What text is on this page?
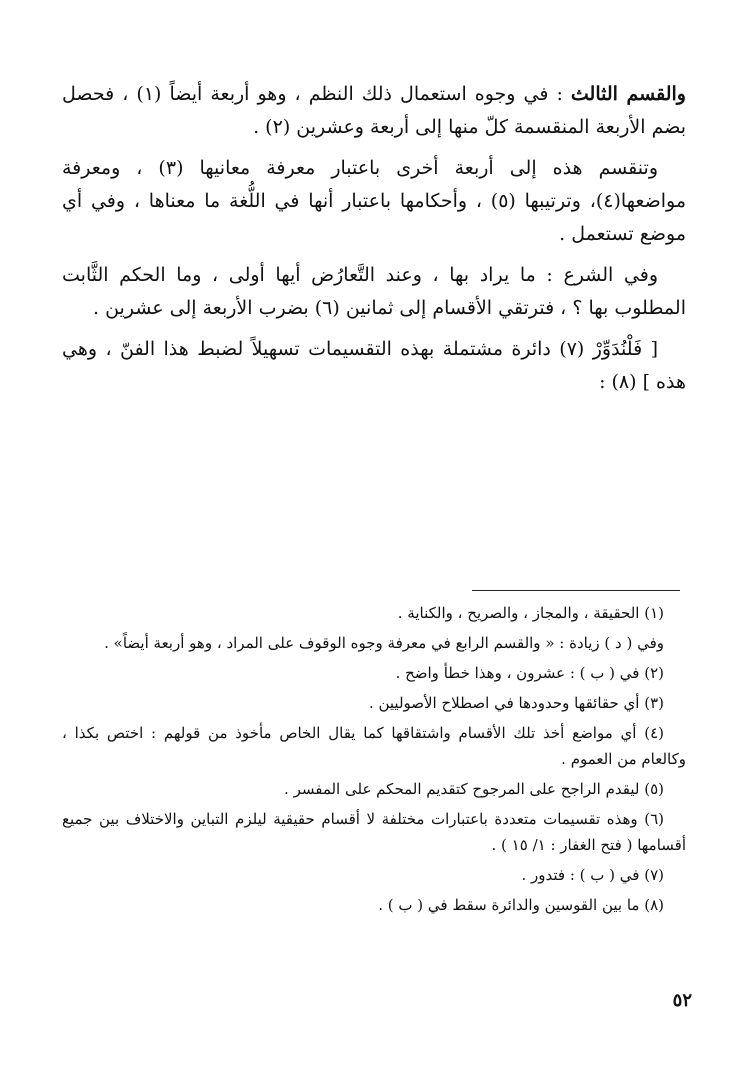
والقسم الثالث : في وجوه استعمال ذلك النظم ، وهو أربعة أيضاً (١) ، فحصل بضم الأربعة المنقسمة كلّ منها إلى أربعة وعشرين (٢) .

وتنقسم هذه إلى أربعة أخرى باعتبار معرفة معانيها (٣) ، ومعرفة مواضعها(٤)، وترتيبها (٥) ، وأحكامها باعتبار أنها في اللُّغة ما معناها ، وفي أي موضع تستعمل .

وفي الشرع : ما يراد بها ، وعند التَّعارُض أيها أولى ، وما الحكم الثَّابت المطلوب بها ؟ ، فترتقي الأقسام إلى ثمانين (٦) بضرب الأربعة إلى عشرين .

[ فَلْنُدَوِّرْ (٧) دائرة مشتملة بهذه التقسيمات تسهيلاً لضبط هذا الفنّ ، وهي هذه ] (٨) :

(١) الحقيقة ، والمجاز ، والصريح ، والكناية .

وفي ( د ) زيادة : « والقسم الرابع في معرفة وجوه الوقوف على المراد ، وهو أربعة أيضاً» .

(٢) في ( ب ) : عشرون ، وهذا خطأ واضح .

(٣) أي حقائقها وحدودها في اصطلاح الأصوليين .

(٤) أي مواضع أخذ تلك الأقسام واشتقاقها كما يقال الخاص مأخوذ من قولهم : اختص بكذا ، وكالعام من العموم .

(٥) ليقدم الراجح على المرجوح كتقديم المحكم على المفسر .

(٦) وهذه تقسيمات متعددة باعتبارات مختلفة لا أقسام حقيقية ليلزم التباين والاختلاف بين جميع أقسامها ( فتح الغفار : ١/ ١٥ ) .

(٧) في ( ب ) : فتدور .

(٨) ما بين القوسين والدائرة سقط في ( ب ) .

٥٢
